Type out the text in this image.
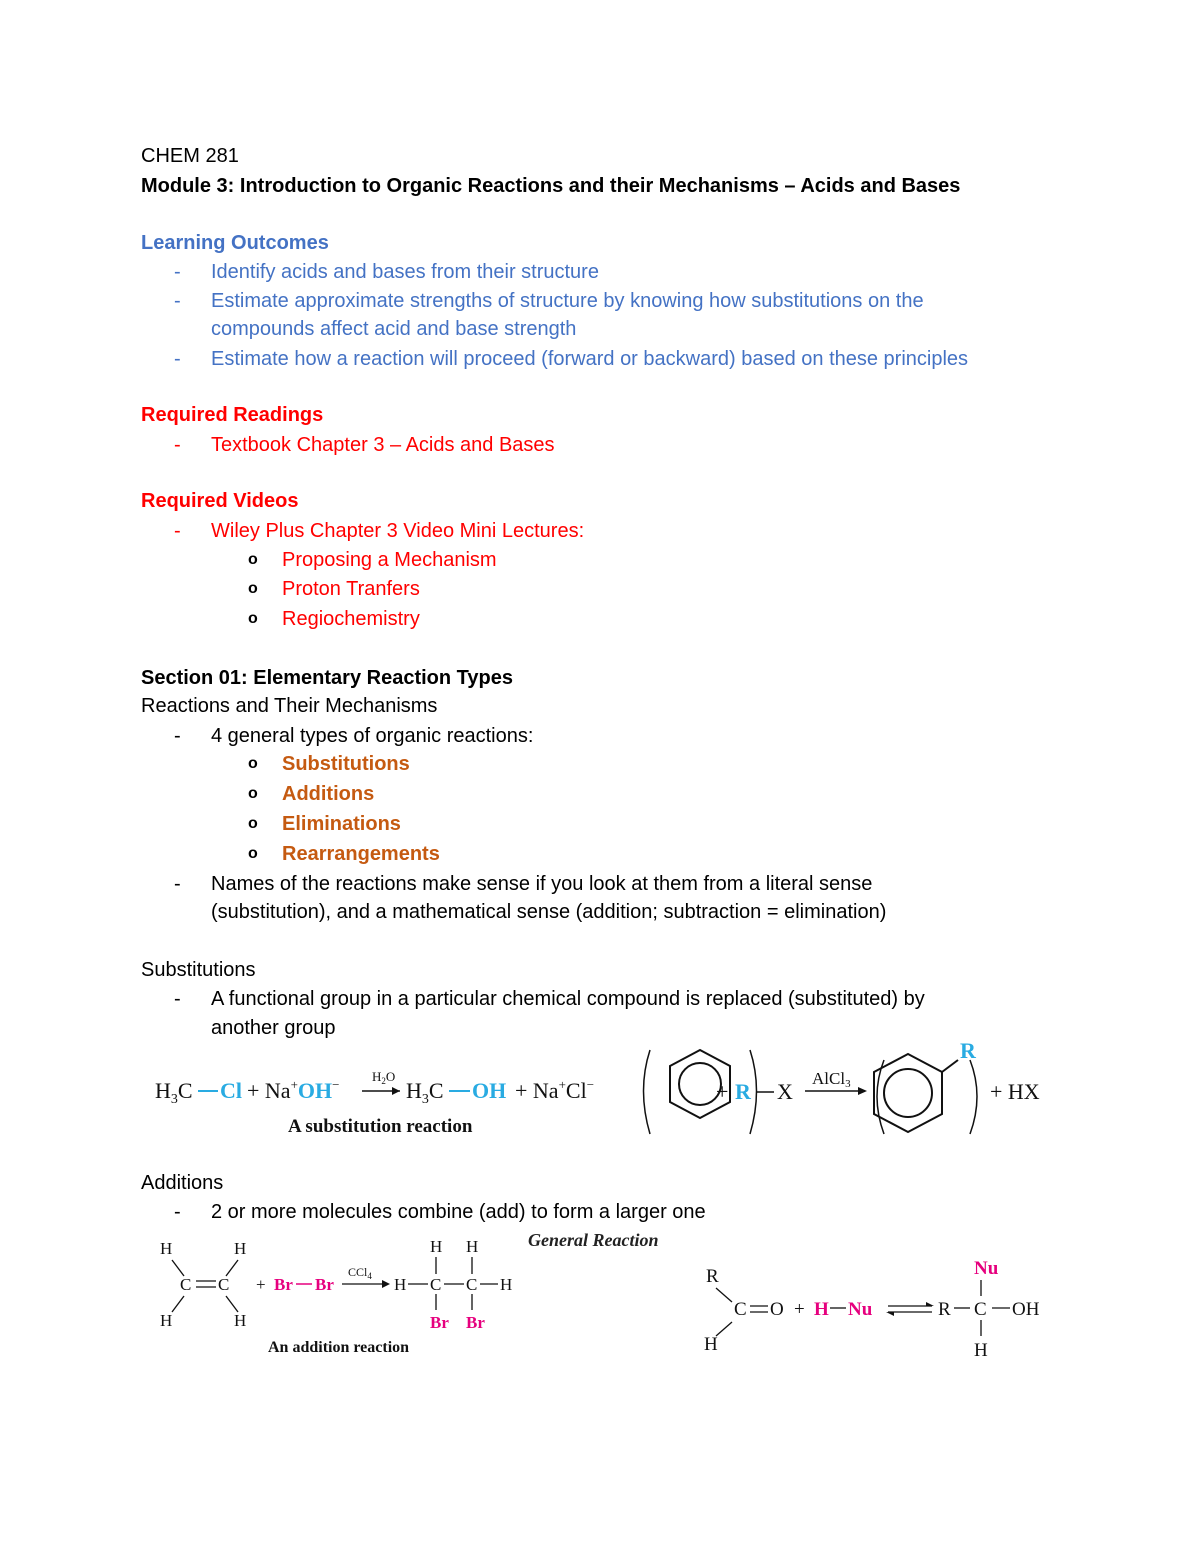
CHEM 281
Module 3: Introduction to Organic Reactions and their Mechanisms – Acids and Bases
Learning Outcomes
- Identify acids and bases from their structure
- Estimate approximate strengths of structure by knowing how substitutions on the
compounds affect acid and base strength
- Estimate how a reaction will proceed (forward or backward) based on these principles
Required Readings
- Textbook Chapter 3 – Acids and Bases
Required Videos
- Wiley Plus Chapter 3 Video Mini Lectures:
o Proposing a Mechanism
o Proton Tranfers
o Regiochemistry
Section 01: Elementary Reaction Types
Reactions and Their Mechanisms
- 4 general types of organic reactions:
o Substitutions
o Additions
o Eliminations
o Rearrangements
- Names of the reactions make sense if you look at them from a literal sense
(substitution), and a mathematical sense (addition; subtraction = elimination)
Substitutions
- A functional group in a particular chemical compound is replaced (substituted) by
another group
$H_3C$ Cl + Na+OH−
$H_2O$
$H_3C$ OH + Na+Cl−
A substitution reaction
+ R X
AlCl3
R
+ HX
Additions
- 2 or more molecules combine (add) to form a larger one
H	H
C C
H	H
+ Br Br
CCl$_4$
H H
H C C H
Br Br
An addition reaction
General Reaction
R
C O
H
+ H Nu	R C OH
Nu
H
